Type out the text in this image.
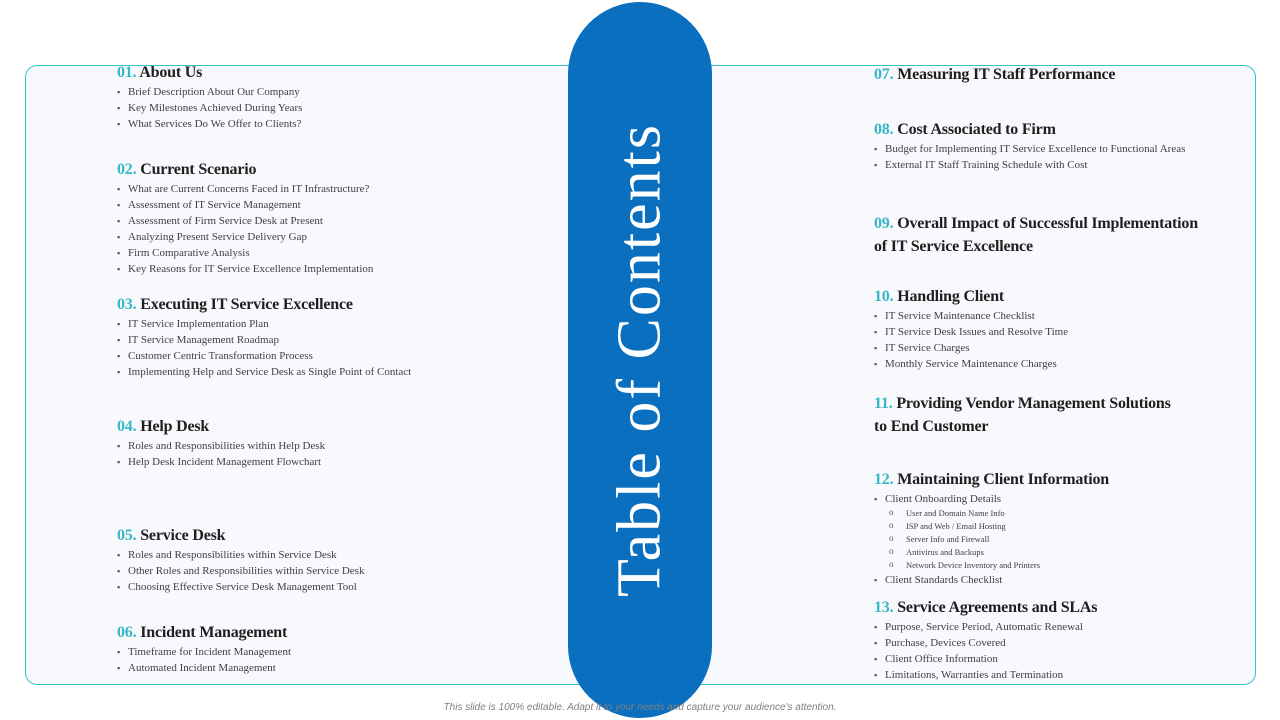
Table of Contents
01. About Us
▪ Brief Description About Our Company
▪ Key Milestones Achieved During Years
▪ What Services Do We Offer to Clients?
02. Current Scenario
▪ What are Current Concerns Faced in IT Infrastructure?
▪ Assessment of IT Service Management
▪ Assessment of Firm Service Desk at Present
▪ Analyzing Present Service Delivery Gap
▪ Firm Comparative Analysis
▪ Key Reasons for IT Service Excellence Implementation
03. Executing IT Service Excellence
▪ IT Service Implementation Plan
▪ IT Service Management Roadmap
▪ Customer Centric Transformation Process
▪ Implementing Help and Service Desk as Single Point of Contact
04. Help Desk
▪ Roles and Responsibilities within Help Desk
▪ Help Desk Incident Management Flowchart
05. Service Desk
▪ Roles and Responsibilities within Service Desk
▪ Other Roles and Responsibilities within Service Desk
▪ Choosing Effective Service Desk Management Tool
06. Incident Management
▪ Timeframe for Incident Management
▪ Automated Incident Management
07. Measuring IT Staff Performance
08. Cost Associated to Firm
▪ Budget for Implementing IT Service Excellence to Functional Areas
▪ External IT Staff Training Schedule with Cost
09. Overall Impact of Successful Implementation
of IT Service Excellence
10. Handling Client
▪ IT Service Maintenance Checklist
▪ IT Service Desk Issues and Resolve Time
▪ IT Service Charges
▪ Monthly Service Maintenance Charges
11. Providing Vendor Management Solutions
to End Customer
12. Maintaining Client Information
▪ Client Onboarding Details
o User and Domain Name Info
o ISP and Web / Email Hosting
o Server Info and Firewall
o Antivirus and Backups
o Network Device Inventory and Printers
▪ Client Standards Checklist
13. Service Agreements and SLAs
▪ Purpose, Service Period, Automatic Renewal
▪ Purchase, Devices Covered
▪ Client Office Information
▪ Limitations, Warranties and Termination
This slide is 100% editable. Adapt it to your needs and capture your audience's attention.
